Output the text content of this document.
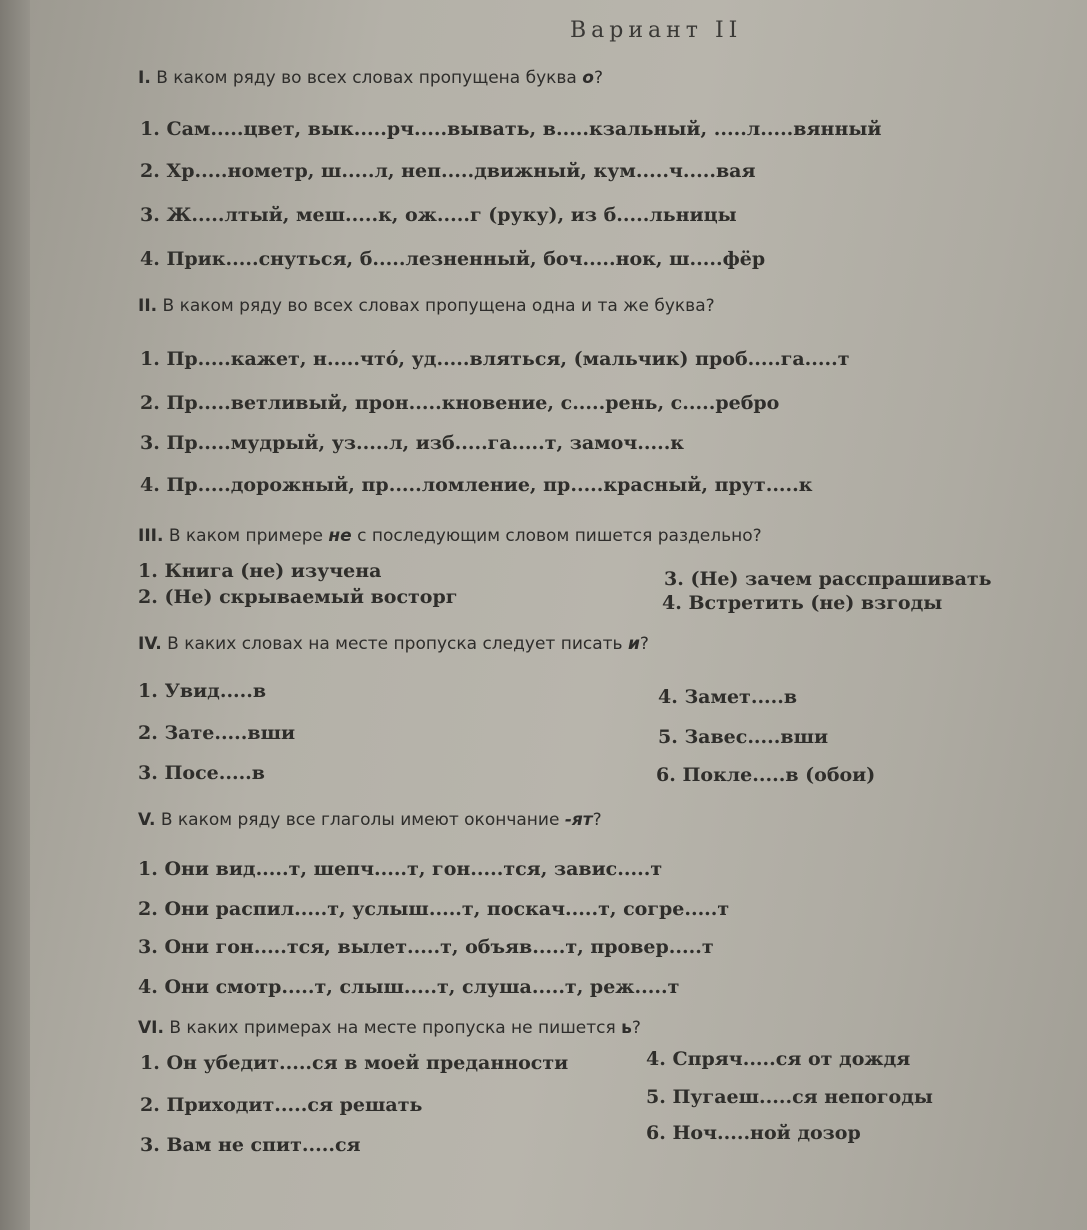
Вариант II
I. В каком ряду во всех словах пропущена буква о?
1. Сам.....цвет, вык.....рч.....вывать, в.....кзальный, .....л.....вянный
2. Хр.....нометр, ш.....л, неп.....движный, кум.....ч.....вая
3. Ж.....лтый, меш.....к, ож.....г (руку), из б.....льницы
4. Прик.....снуться, б.....лезненный, боч.....нок, ш.....фёр
II. В каком ряду во всех словах пропущена одна и та же буква?
1. Пр.....кажет, н.....что́, уд.....вляться, (мальчик) проб.....га.....т
2. Пр.....ветливый, прон.....кновение, с.....рень, с.....ребро
3. Пр.....мудрый, уз.....л, изб.....га.....т, замоч.....к
4. Пр.....дорожный, пр.....ломление, пр.....красный, прут.....к
III. В каком примере не с последующим словом пишется раздельно?
1. Книга (не) изучена
2. (Не) скрываемый восторг
3. (Не) зачем расспрашивать
4. Встретить (не) взгоды
IV. В каких словах на месте пропуска следует писать и?
1. Увид.....в
2. Зате.....вши
3. Посе.....в
4. Замет.....в
5. Завес.....вши
6. Покле.....в (обои)
V. В каком ряду все глаголы имеют окончание -ят?
1. Они вид.....т, шепч.....т, гон.....тся, завис.....т
2. Они распил.....т, услыш.....т, поскач.....т, согре.....т
3. Они гон.....тся, вылет.....т, объяв.....т, провер.....т
4. Они смотр.....т, слыш.....т, слуша.....т, реж.....т
VI. В каких примерах на месте пропуска не пишется ь?
1. Он убедит.....ся в моей преданности
2. Приходит.....ся решать
3. Вам не спит.....ся
4. Спряч.....ся от дождя
5. Пугаеш.....ся непогоды
6. Ноч.....ной дозор
